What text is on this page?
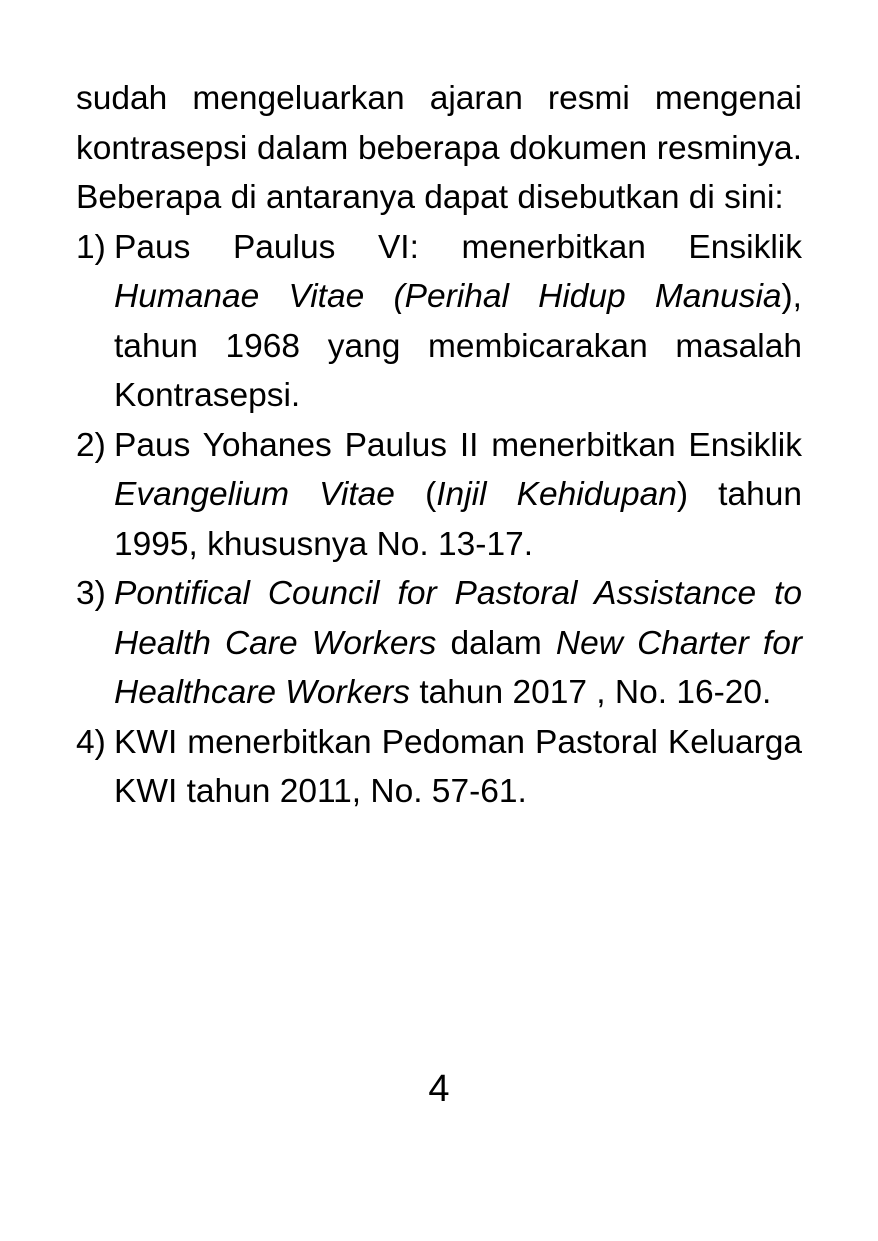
sudah mengeluarkan ajaran resmi mengenai kontrasepsi dalam beberapa dokumen resminya. Beberapa di antaranya dapat disebutkan di sini:

1) Paus Paulus VI: menerbitkan Ensiklik Humanae Vitae (Perihal Hidup Manusia), tahun 1968 yang membicarakan masalah Kontrasepsi.
2) Paus Yohanes Paulus II menerbitkan Ensiklik Evangelium Vitae (Injil Kehidupan) tahun 1995, khususnya No. 13-17.
3) Pontifical Council for Pastoral Assistance to Health Care Workers dalam New Charter for Healthcare Workers tahun 2017 , No. 16-20.
4) KWI menerbitkan Pedoman Pastoral Keluarga KWI tahun 2011, No. 57-61.
4
